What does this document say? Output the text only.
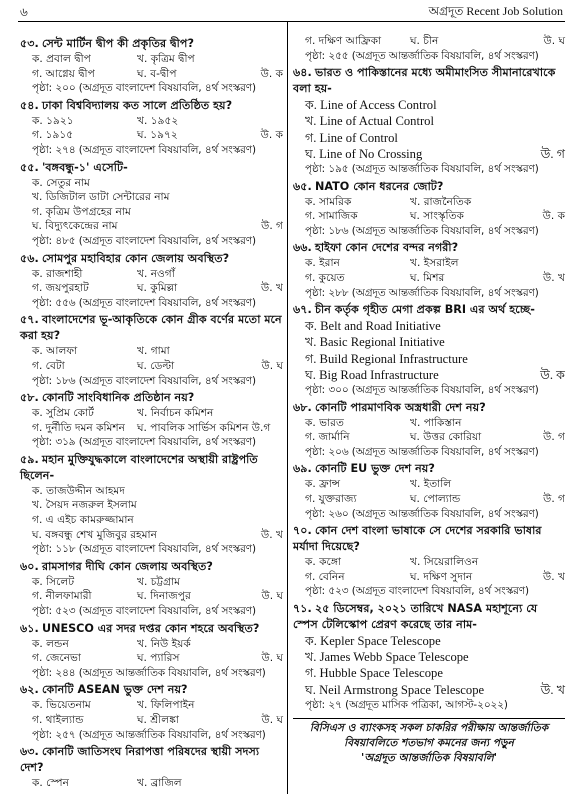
৬	অগ্রদূত Recent Job Solution
৫৩. সেন্ট মার্টিন দ্বীপ কী প্রকৃতির দ্বীপ?
ক. প্রবাল দ্বীপ	খ. কৃত্রিম দ্বীপ
গ. আগ্নেয় দ্বীপ	ঘ. ব-দ্বীপ	উ. ক
পৃষ্ঠা: ২০০ (অগ্রদূত বাংলাদেশ বিষয়াবলি, ৪র্থ সংস্করণ)
৫৪. ঢাকা বিশ্ববিদ্যালয় কত সালে প্রতিষ্ঠিত হয়?
ক. ১৯২১	খ. ১৯৫২
গ. ১৯১৫	ঘ. ১৯৭২	উ. ক
পৃষ্ঠা: ২৭৪ (অগ্রদূত বাংলাদেশ বিষয়াবলি, ৪র্থ সংস্করণ)
৫৫. 'বঙ্গবন্ধু-১' এসেটি-
ক. সেতুর নাম
খ. ডিজিটাল ডাটা সেন্টারের নাম
গ. কৃত্রিম উপগ্রহের নাম
ঘ. বিদ্যুৎকেন্দ্রের নাম	উ. গ
পৃষ্ঠা: ৪৮৫ (অগ্রদূত বাংলাদেশ বিষয়াবলি, ৪র্থ সংস্করণ)
৫৬. সোমপুর মহাবিহার কোন জেলায় অবস্থিত?
ক. রাজশাহী	খ. নওগাঁ
গ. জয়পুরহাট	ঘ. কুমিল্লা	উ. খ
পৃষ্ঠা: ৫৫৬ (অগ্রদূত বাংলাদেশ বিষয়াবলি, ৪র্থ সংস্করণ)
৫৭. বাংলাদেশের ভূ-আকৃতিকে কোন গ্রীক বর্ণের মতো মনে করা হয়?
ক. আলফা	খ. গামা
গ. বেটা	ঘ. ডেল্টা	উ. ঘ
পৃষ্ঠা: ১৮৬ (অগ্রদূত বাংলাদেশ বিষয়াবলি, ৪র্থ সংস্করণ)
৫৮. কোনটি সাংবিধানিক প্রতিষ্ঠান নয়?
ক. সুপ্রিম কোর্ট	খ. নির্বাচন কমিশন
গ. দুর্নীতি দমন কমিশন	ঘ. পাবলিক সার্ভিস কমিশন উ.গ
পৃষ্ঠা: ৩১৯ (অগ্রদূত বাংলাদেশ বিষয়াবলি, ৪র্থ সংস্করণ)
৫৯. মহান মুক্তিযুদ্ধকালে বাংলাদেশের অস্থায়ী রাষ্ট্রপতি ছিলেন-
ক. তাজউদ্দীন আহমদ
খ. সৈয়দ নজরুল ইসলাম
গ. এ এইচ কামরুজ্জামান
ঘ. বঙ্গবন্ধু শেখ মুজিবুর রহমান	উ. খ
পৃষ্ঠা: ১১৮ (অগ্রদূত বাংলাদেশ বিষয়াবলি, ৪র্থ সংস্করণ)
৬০. রামসাগর দীঘি কোন জেলায় অবস্থিত?
ক. সিলেট	খ. চট্টগ্রাম
গ. নীলফামারী	ঘ. দিনাজপুর	উ. ঘ
পৃষ্ঠা: ৫২৩ (অগ্রদূত বাংলাদেশ বিষয়াবলি, ৪র্থ সংস্করণ)
৬১. UNESCO এর সদর দপ্তর কোন শহরে অবস্থিত?
ক. লন্ডন	খ. নিউ ইয়র্ক
গ. জেনেভা	ঘ. প্যারিস	উ. ঘ
পৃষ্ঠা: ২৪৪ (অগ্রদূত আন্তর্জাতিক বিষয়াবলি, ৪র্থ সংস্করণ)
৬২. কোনটি ASEAN ভুক্ত দেশ নয়?
ক. ভিয়েতনাম	খ. ফিলিপাইন
গ. থাইল্যান্ড	ঘ. শ্রীলঙ্কা	উ. ঘ
পৃষ্ঠা: ২৫৭ (অগ্রদূত আন্তর্জাতিক বিষয়াবলি, ৪র্থ সংস্করণ)
৬৩. কোনটি জাতিসংঘ নিরাপত্তা পরিষদের স্থায়ী সদস্য দেশ?
ক. স্পেন	খ. ব্রাজিল
গ. দক্ষিণ আফ্রিকা	ঘ. চীন	উ. ঘ
পৃষ্ঠা: ২৫৫ (অগ্রদূত আন্তর্জাতিক বিষয়াবলি, ৪র্থ সংস্করণ)
৬৪. ভারত ও পাকিস্তানের মধ্যে অমীমাংসিত সীমানারেখাকে বলা হয়-
ক. Line of Access Control
খ. Line of Actual Control
গ. Line of Control
ঘ. Line of No Crossing	উ. গ
পৃষ্ঠা: ১৯৫ (অগ্রদূত আন্তর্জাতিক বিষয়াবলি, ৪র্থ সংস্করণ)
৬৫. NATO কোন ধরনের জোট?
ক. সামরিক	খ. রাজনৈতিক
গ. সামাজিক	ঘ. সাংস্কৃতিক	উ. ক
পৃষ্ঠা: ১৮৬ (অগ্রদূত আন্তর্জাতিক বিষয়াবলি, ৪র্থ সংস্করণ)
৬৬. হাইফা কোন দেশের বন্দর নগরী?
ক. ইরান	খ. ইসরাইল
গ. কুয়েত	ঘ. মিশর	উ. খ
পৃষ্ঠা: ২৮৮ (অগ্রদূত আন্তর্জাতিক বিষয়াবলি, ৪র্থ সংস্করণ)
৬৭. চীন কর্তৃক গৃহীত মেগা প্রকল্প BRI এর অর্থ হচ্ছে-
ক. Belt and Road Initiative
খ. Basic Regional Initiative
গ. Build Regional Infrastructure
ঘ. Big Road Infrastructure	উ. ক
পৃষ্ঠা: ৩০০ (অগ্রদূত আন্তর্জাতিক বিষয়াবলি, ৪র্থ সংস্করণ)
৬৮. কোনটি পারমাণবিক অস্ত্রধারী দেশ নয়?
ক. ভারত	খ. পাকিস্তান
গ. জার্মানি	ঘ. উত্তর কোরিয়া	উ. গ
পৃষ্ঠা: ২০৬ (অগ্রদূত আন্তর্জাতিক বিষয়াবলি, ৪র্থ সংস্করণ)
৬৯. কোনটি EU ভুক্ত দেশ নয়?
ক. ফ্রান্স	খ. ইতালি
গ. যুক্তরাজ্য	ঘ. পোল্যান্ড	উ. গ
পৃষ্ঠা: ২৬০ (অগ্রদূত আন্তর্জাতিক বিষয়াবলি, ৪র্থ সংস্করণ)
৭০. কোন দেশ বাংলা ভাষাকে সে দেশের সরকারি ভাষার মর্যাদা দিয়েছে?
ক. কঙ্গো	খ. সিয়েরালিওন
গ. বেনিন	ঘ. দক্ষিণ সুদান	উ. খ
পৃষ্ঠা: ৫২৩ (অগ্রদূত বাংলাদেশ বিষয়াবলি, ৪র্থ সংস্করণ)
৭১. ২৫ ডিসেম্বর, ২০২১ তারিখে NASA মহাশূন্যে যে স্পেস টেলিস্কোপ প্রেরণ করেছে তার নাম-
ক. Kepler Space Telescope
খ. James Webb Space Telescope
গ. Hubble Space Telescope
ঘ. Neil Armstrong Space Telescope	উ. খ
পৃষ্ঠা: ২৭ (অগ্রদূত মাসিক পত্রিকা, আগস্ট-২০২২)
বিসিএস ও ব্যাংকসহ সকল চাকরির পরীক্ষায় আন্তর্জাতিক
বিষয়াবলিতে শতভাগ কমনের জন্য পড়ুন
'অগ্রদূত আন্তর্জাতিক বিষয়াবলি'
